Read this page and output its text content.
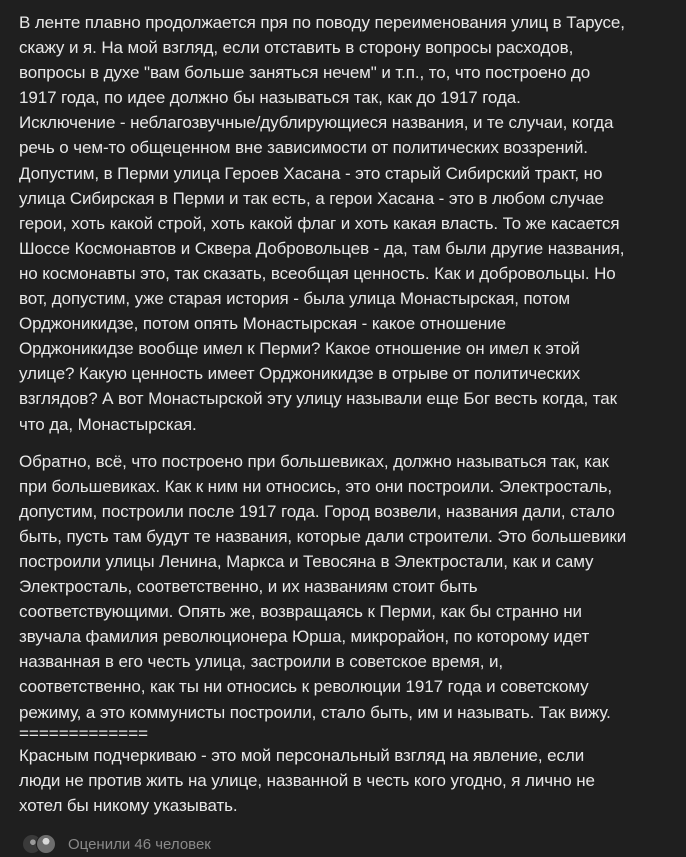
В ленте плавно продолжается пря по поводу переименования улиц в Тарусе,
скажу и я. На мой взгляд, если отставить в сторону вопросы расходов,
вопросы в духе "вам больше заняться нечем" и т.п., то, что построено до
1917 года, по идее должно бы называться так, как до 1917 года.
Исключение - неблагозвучные/дублирующиеся названия, и те случаи, когда
речь о чем-то общеценном вне зависимости от политических воззрений.
Допустим, в Перми улица Героев Хасана - это старый Сибирский тракт, но
улица Сибирская в Перми и так есть, а герои Хасана - это в любом случае
герои, хоть какой строй, хоть какой флаг и хоть какая власть. То же касается
Шоссе Космонавтов и Сквера Добровольцев - да, там были другие названия,
но космонавты это, так сказать, всеобщая ценность. Как и добровольцы. Но
вот, допустим, уже старая история - была улица Монастырская, потом
Орджоникидзе, потом опять Монастырская - какое отношение
Орджоникидзе вообще имел к Перми? Какое отношение он имел к этой
улице? Какую ценность имеет Орджоникидзе в отрыве от политических
взглядов? А вот Монастырской эту улицу называли еще Бог весть когда, так
что да, Монастырская.

Обратно, всё, что построено при большевиках, должно называться так, как
при большевиках. Как к ним ни относись, это они построили. Электросталь,
допустим, построили после 1917 года. Город возвели, названия дали, стало
быть, пусть там будут те названия, которые дали строители. Это большевики
построили улицы Ленина, Маркса и Тевосяна в Электростали, как и саму
Электросталь, соответственно, и их названиям стоит быть
соответствующими. Опять же, возвращаясь к Перми, как бы странно ни
звучала фамилия революционера Юрша, микрорайон, по которому идет
названная в его честь улица, застроили в советское время, и,
соответственно, как ты ни относись к революции 1917 года и советскому
режиму, а это коммунисты построили, стало быть, им и называть. Так вижу.

=============

Красным подчеркиваю - это мой персональный взгляд на явление, если
люди не против жить на улице, названной в честь кого угодно, я лично не
хотел бы никому указывать.

Оценили 46 человек
